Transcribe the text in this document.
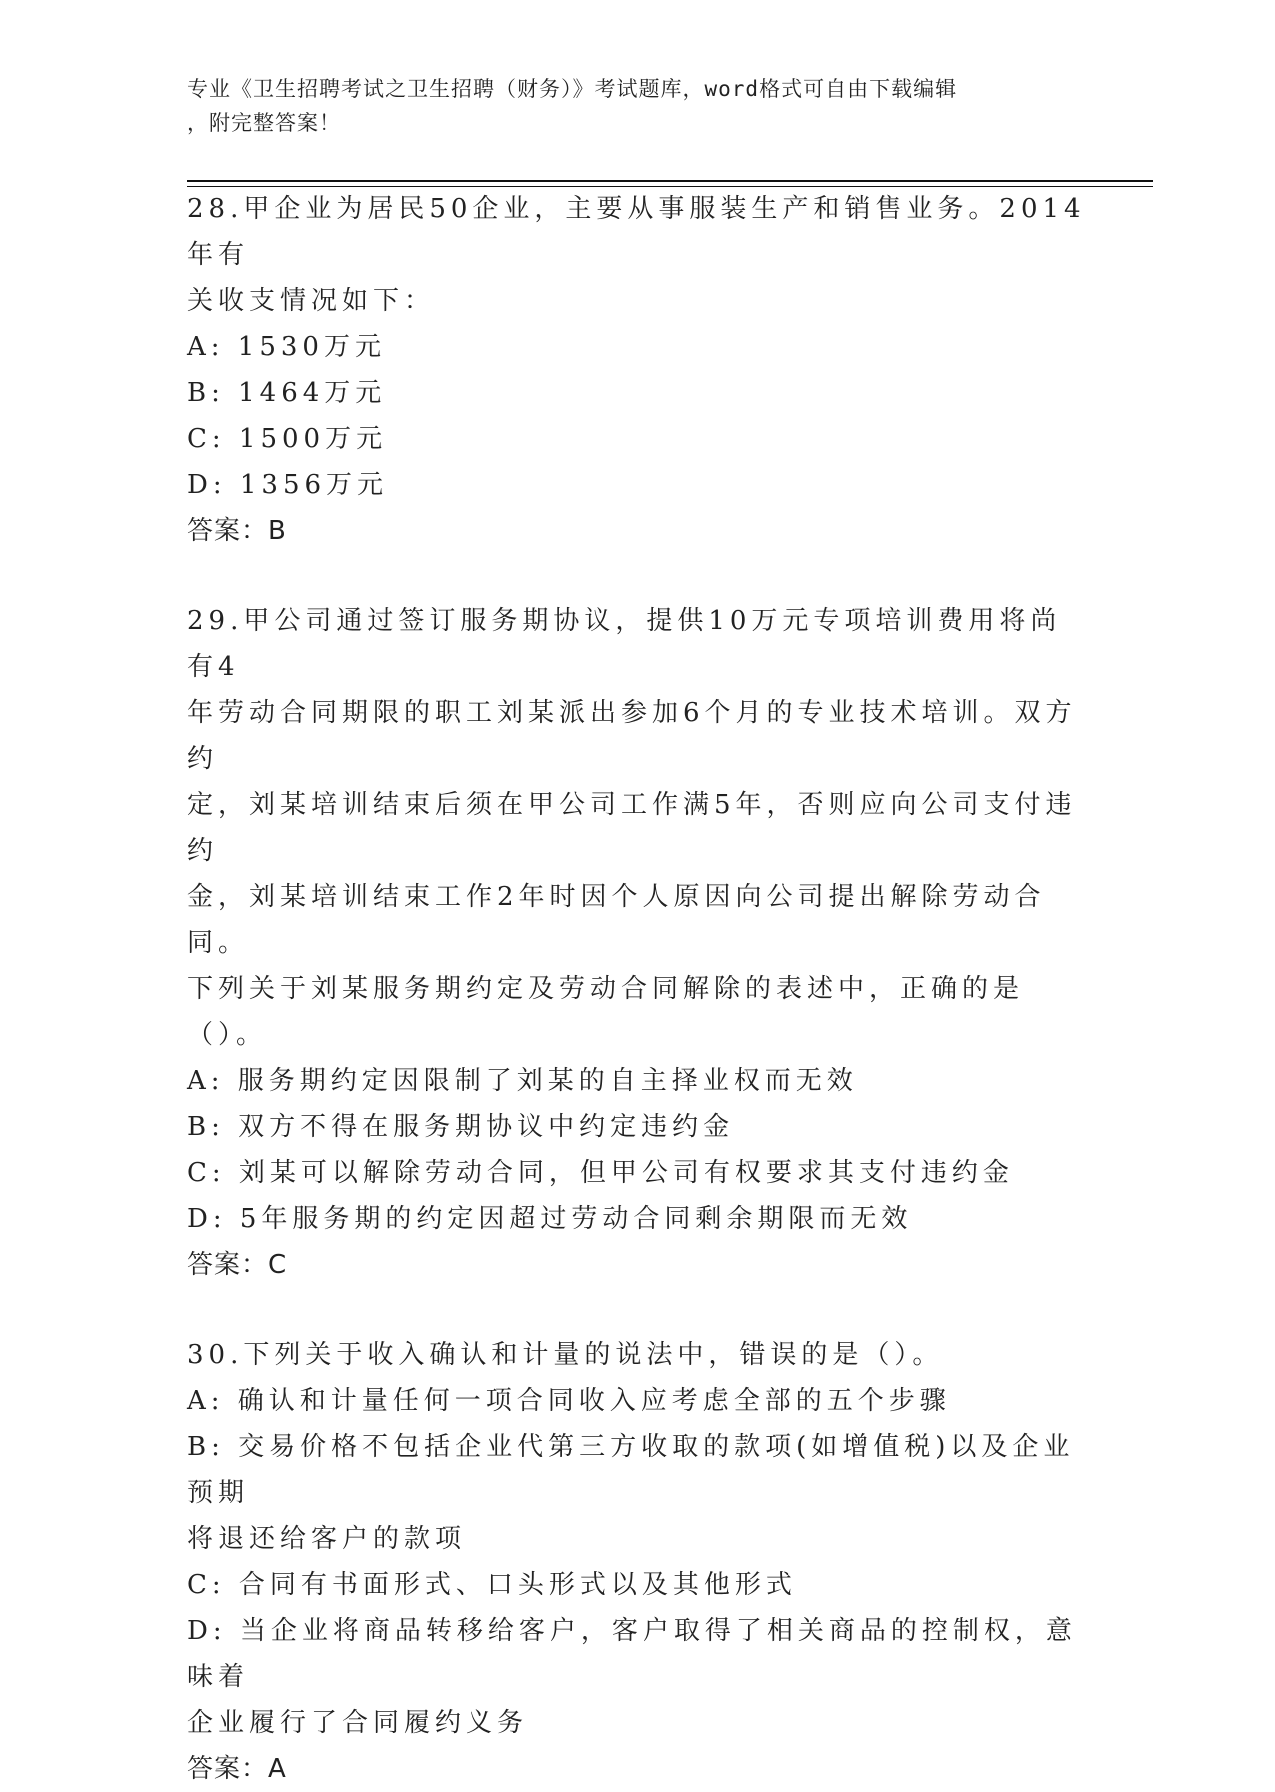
专业《卫生招聘考试之卫生招聘（财务）》考试题库，word格式可自由下载编辑
，附完整答案！

28.甲企业为居民50企业，主要从事服装生产和销售业务。2014年有

关收支情况如下：

A: 1530万元

B: 1464万元

C: 1500万元

D: 1356万元

答案：B

29.甲公司通过签订服务期协议，提供10万元专项培训费用将尚有4

年劳动合同期限的职工刘某派出参加6个月的专业技术培训。双方约

定，刘某培训结束后须在甲公司工作满5年，否则应向公司支付违约

金，刘某培训结束工作2年时因个人原因向公司提出解除劳动合同。

下列关于刘某服务期约定及劳动合同解除的表述中，正确的是（）。

A: 服务期约定因限制了刘某的自主择业权而无效

B: 双方不得在服务期协议中约定违约金

C: 刘某可以解除劳动合同，但甲公司有权要求其支付违约金

D: 5年服务期的约定因超过劳动合同剩余期限而无效

答案：C

30.下列关于收入确认和计量的说法中，错误的是（）。

A: 确认和计量任何一项合同收入应考虑全部的五个步骤

B: 交易价格不包括企业代第三方收取的款项(如增值税)以及企业预期

将退还给客户的款项

C: 合同有书面形式、口头形式以及其他形式

D: 当企业将商品转移给客户，客户取得了相关商品的控制权，意味着

企业履行了合同履约义务

答案：A
